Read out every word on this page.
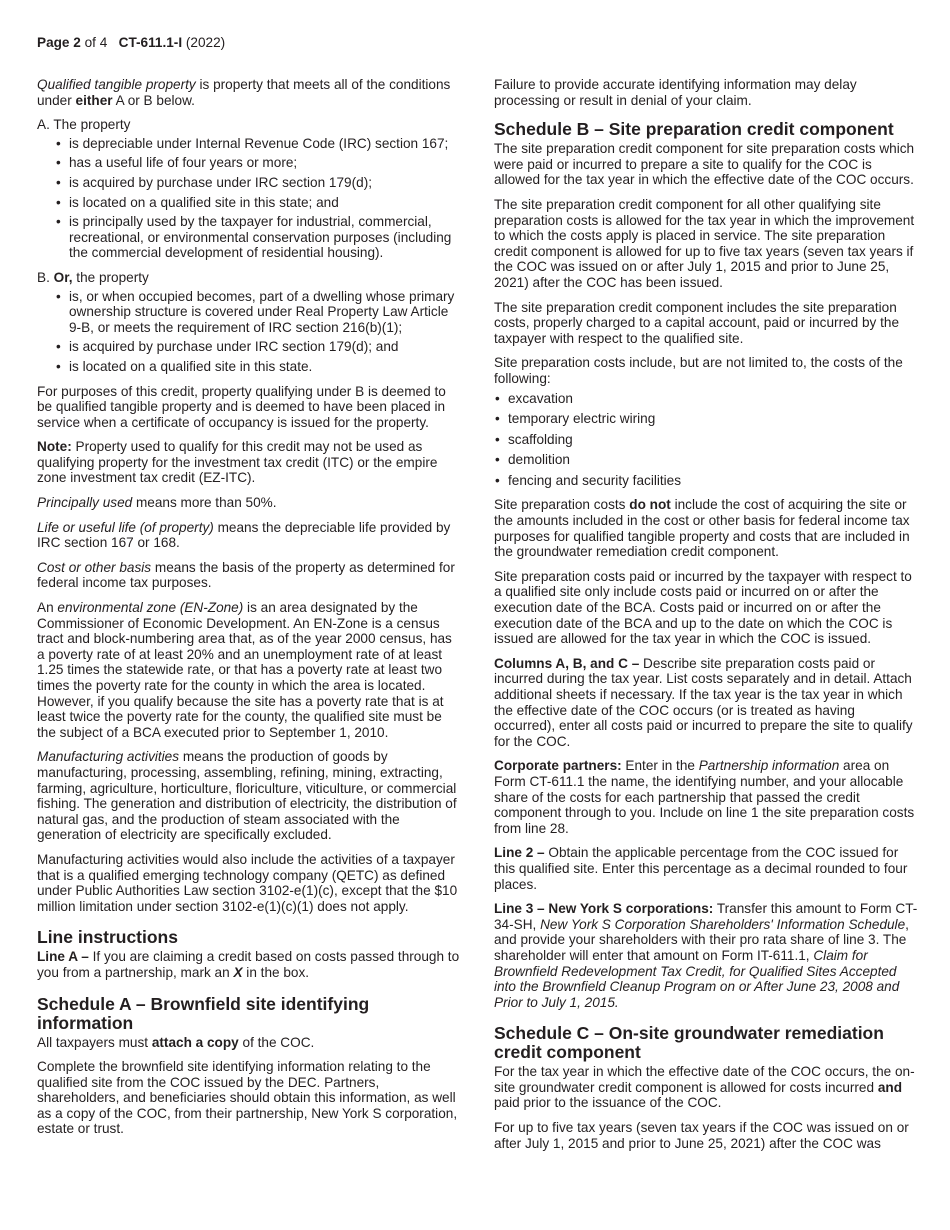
Page 2 of 4 CT-611.1-I (2022)

Qualified tangible property is property that meets all of the conditions under either A or B below.

A. The property
• is depreciable under Internal Revenue Code (IRC) section 167;
• has a useful life of four years or more;
• is acquired by purchase under IRC section 179(d);
• is located on a qualified site in this state; and
• is principally used by the taxpayer for industrial, commercial, recreational, or environmental conservation purposes (including the commercial development of residential housing).
B. Or, the property
• is, or when occupied becomes, part of a dwelling whose primary ownership structure is covered under Real Property Law Article 9-B, or meets the requirement of IRC section 216(b)(1);
• is acquired by purchase under IRC section 179(d); and
• is located on a qualified site in this state.

For purposes of this credit, property qualifying under B is deemed to be qualified tangible property and is deemed to have been placed in service when a certificate of occupancy is issued for the property.

Note: Property used to qualify for this credit may not be used as qualifying property for the investment tax credit (ITC) or the empire zone investment tax credit (EZ-ITC).

Principally used means more than 50%.

Life or useful life (of property) means the depreciable life provided by IRC section 167 or 168.

Cost or other basis means the basis of the property as determined for federal income tax purposes.

An environmental zone (EN-Zone) is an area designated by the Commissioner of Economic Development. An EN-Zone is a census tract and block-numbering area that, as of the year 2000 census, has a poverty rate of at least 20% and an unemployment rate of at least 1.25 times the statewide rate, or that has a poverty rate at least two times the poverty rate for the county in which the area is located. However, if you qualify because the site has a poverty rate that is at least twice the poverty rate for the county, the qualified site must be the subject of a BCA executed prior to September 1, 2010.

Manufacturing activities means the production of goods by manufacturing, processing, assembling, refining, mining, extracting, farming, agriculture, horticulture, floriculture, viticulture, or commercial fishing. The generation and distribution of electricity, the distribution of natural gas, and the production of steam associated with the generation of electricity are specifically excluded.

Manufacturing activities would also include the activities of a taxpayer that is a qualified emerging technology company (QETC) as defined under Public Authorities Law section 3102-e(1)(c), except that the $10 million limitation under section 3102-e(1)(c)(1) does not apply.

Line instructions

Line A – If you are claiming a credit based on costs passed through to you from a partnership, mark an X in the box.

Schedule A – Brownfield site identifying information

All taxpayers must attach a copy of the COC.

Complete the brownfield site identifying information relating to the qualified site from the COC issued by the DEC. Partners, shareholders, and beneficiaries should obtain this information, as well as a copy of the COC, from their partnership, New York S corporation, estate or trust.

Failure to provide accurate identifying information may delay processing or result in denial of your claim.

Schedule B – Site preparation credit component

The site preparation credit component for site preparation costs which were paid or incurred to prepare a site to qualify for the COC is allowed for the tax year in which the effective date of the COC occurs.

The site preparation credit component for all other qualifying site preparation costs is allowed for the tax year in which the improvement to which the costs apply is placed in service. The site preparation credit component is allowed for up to five tax years (seven tax years if the COC was issued on or after July 1, 2015 and prior to June 25, 2021) after the COC has been issued.

The site preparation credit component includes the site preparation costs, properly charged to a capital account, paid or incurred by the taxpayer with respect to the qualified site.

Site preparation costs include, but are not limited to, the costs of the following:

• excavation
• temporary electric wiring
• scaffolding
• demolition
• fencing and security facilities

Site preparation costs do not include the cost of acquiring the site or the amounts included in the cost or other basis for federal income tax purposes for qualified tangible property and costs that are included in the groundwater remediation credit component.

Site preparation costs paid or incurred by the taxpayer with respect to a qualified site only include costs paid or incurred on or after the execution date of the BCA. Costs paid or incurred on or after the execution date of the BCA and up to the date on which the COC is issued are allowed for the tax year in which the COC is issued.

Columns A, B, and C – Describe site preparation costs paid or incurred during the tax year. List costs separately and in detail. Attach additional sheets if necessary. If the tax year is the tax year in which the effective date of the COC occurs (or is treated as having occurred), enter all costs paid or incurred to prepare the site to qualify for the COC.

Corporate partners: Enter in the Partnership information area on Form CT-611.1 the name, the identifying number, and your allocable share of the costs for each partnership that passed the credit component through to you. Include on line 1 the site preparation costs from line 28.

Line 2 – Obtain the applicable percentage from the COC issued for this qualified site. Enter this percentage as a decimal rounded to four places.

Line 3 – New York S corporations: Transfer this amount to Form CT-34-SH, New York S Corporation Shareholders' Information Schedule, and provide your shareholders with their pro rata share of line 3. The shareholder will enter that amount on Form IT-611.1, Claim for Brownfield Redevelopment Tax Credit, for Qualified Sites Accepted into the Brownfield Cleanup Program on or After June 23, 2008 and Prior to July 1, 2015.

Schedule C – On-site groundwater remediation credit component

For the tax year in which the effective date of the COC occurs, the on-site groundwater credit component is allowed for costs incurred and paid prior to the issuance of the COC.

For up to five tax years (seven tax years if the COC was issued on or after July 1, 2015 and prior to June 25, 2021) after the COC was
